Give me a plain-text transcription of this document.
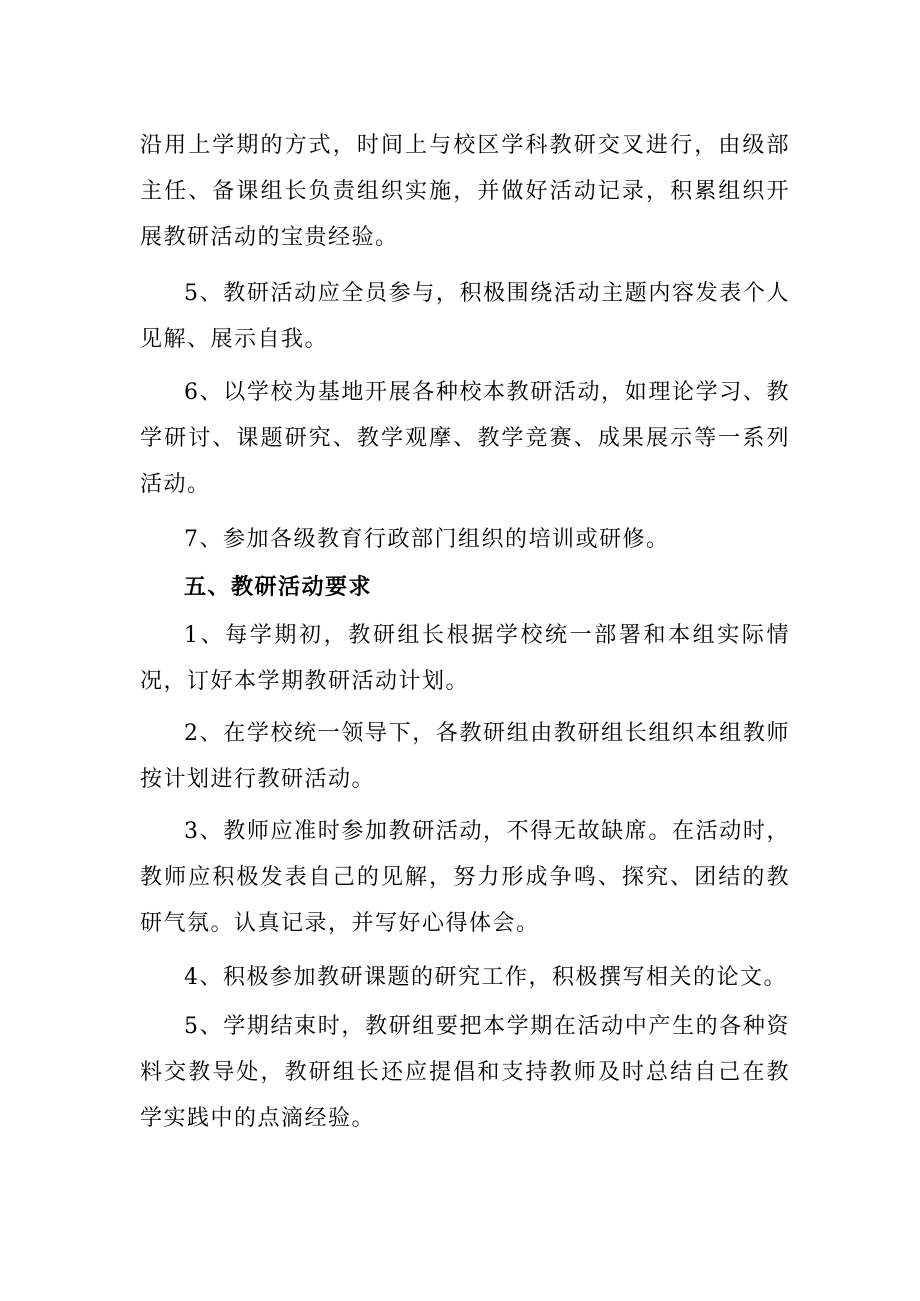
沿用上学期的方式，时间上与校区学科教研交叉进行，由级部主任、备课组长负责组织实施，并做好活动记录，积累组织开展教研活动的宝贵经验。

5、教研活动应全员参与，积极围绕活动主题内容发表个人见解、展示自我。

6、以学校为基地开展各种校本教研活动，如理论学习、教学研讨、课题研究、教学观摩、教学竞赛、成果展示等一系列活动。

7、参加各级教育行政部门组织的培训或研修。

五、教研活动要求

1、每学期初，教研组长根据学校统一部署和本组实际情况，订好本学期教研活动计划。

2、在学校统一领导下，各教研组由教研组长组织本组教师按计划进行教研活动。

3、教师应准时参加教研活动，不得无故缺席。在活动时，教师应积极发表自己的见解，努力形成争鸣、探究、团结的教研气氛。认真记录，并写好心得体会。

4、积极参加教研课题的研究工作，积极撰写相关的论文。

5、学期结束时，教研组要把本学期在活动中产生的各种资料交教导处，教研组长还应提倡和支持教师及时总结自己在教学实践中的点滴经验。
